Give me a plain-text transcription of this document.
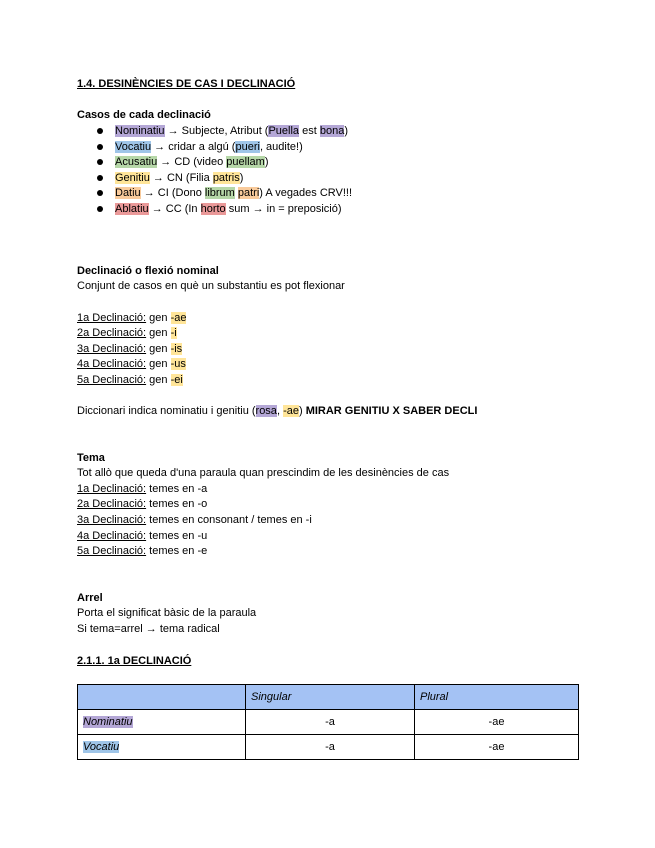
1.4. DESINÈNCIES DE CAS I DECLINACIÓ
Casos de cada declinació
Nominatiu → Subjecte, Atribut (Puella est bona)
Vocatiu → cridar a algú (pueri, audite!)
Acusatiu → CD (video puellam)
Genitiu → CN (Filia patris)
Datiu → CI (Dono librum patri) A vegades CRV!!!
Ablatiu → CC (In horto sum → in = preposició)
Declinació o flexió nominal
Conjunt de casos en què un substantiu es pot flexionar
1a Declinació: gen -ae
2a Declinació: gen -i
3a Declinació: gen -is
4a Declinació: gen -us
5a Declinació: gen -ei
Diccionari indica nominatiu i genitiu (rosa, -ae) MIRAR GENITIU X SABER DECLI
Tema
Tot allò que queda d'una paraula quan prescindim de les desinències de cas
1a Declinació: temes en -a
2a Declinació: temes en -o
3a Declinació: temes en consonant / temes en -i
4a Declinació: temes en -u
5a Declinació: temes en -e
Arrel
Porta el significat bàsic de la paraula
Si tema=arrel → tema radical
2.1.1. 1a DECLINACIÓ
	Singular	Plural
Nominatiu	-a	-ae
Vocatiu	-a	-ae
